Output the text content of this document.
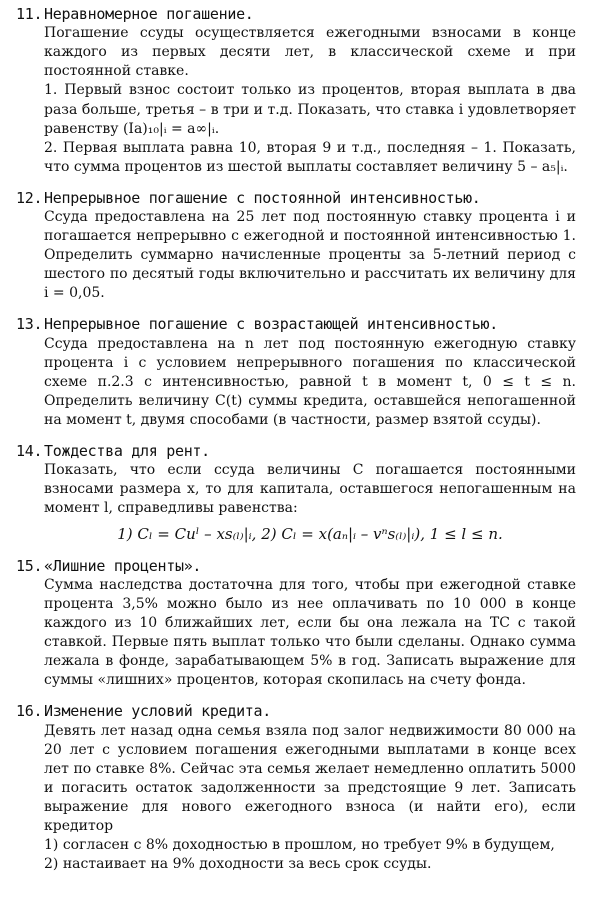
11. Неравномерное погашение.

Погашение ссуды осуществляется ежегодными взносами в конце каждого из первых десяти лет, в классической схеме и при постоянной ставке.

1. Первый взнос состоит только из процентов, вторая выплата в два раза больше, третья – в три и т.д. Показать, что ставка i удовлетворяет равенству (Ia)₁₀|ᵢ = a∞|ᵢ.

2. Первая выплата равна 10, вторая 9 и т.д., последняя – 1. Показать, что сумма процентов из шестой выплаты составляет величину 5 – a₅|ᵢ.

12. Непрерывное погашение с постоянной интенсивностью.

Ссуда предоставлена на 25 лет под постоянную ставку процента i и погашается непрерывно с ежегодной и постоянной интенсивностью 1. Определить суммарно начисленные проценты за 5-летний период с шестого по десятый годы включительно и рассчитать их величину для i = 0,05.

13. Непрерывное погашение с возрастающей интенсивностью.

Ссуда предоставлена на n лет под постоянную ежегодную ставку процента i с условием непрерывного погашения по классической схеме п.2.3 с интенсивностью, равной t в момент t, 0 ≤ t ≤ n. Определить величину C(t) суммы кредита, оставшейся непогашенной на момент t, двумя способами (в частности, размер взятой ссуды).

14. Тождества для рент.

Показать, что если ссуда величины C погашается постоянными взносами размера x, то для капитала, оставшегося непогашенным на момент l, справедливы равенства:

1) Cₗ = Cuˡ – xs₍ₗ₎|ᵢ, 2) Cₗ = x(aₙ|ᵢ – vⁿs₍ₗ₎|ᵢ), 1 ≤ l ≤ n.
15. «Лишние проценты».

Сумма наследства достаточна для того, чтобы при ежегодной ставке процента 3,5% можно было из нее оплачивать по 10 000 в конце каждого из 10 ближайших лет, если бы она лежала на ТС с такой ставкой. Первые пять выплат только что были сделаны. Однако сумма лежала в фонде, зарабатывающем 5% в год. Записать выражение для суммы «лишних» процентов, которая скопилась на счету фонда.

16. Изменение условий кредита.

Девять лет назад одна семья взяла под залог недвижимости 80 000 на 20 лет с условием погашения ежегодными выплатами в конце всех лет по ставке 8%. Сейчас эта семья желает немедленно оплатить 5000 и погасить остаток задолженности за предстоящие 9 лет. Записать выражение для нового ежегодного взноса (и найти его), если кредитор

1) согласен с 8% доходностью в прошлом, но требует 9% в будущем,

2) настаивает на 9% доходности за весь срок ссуды.
